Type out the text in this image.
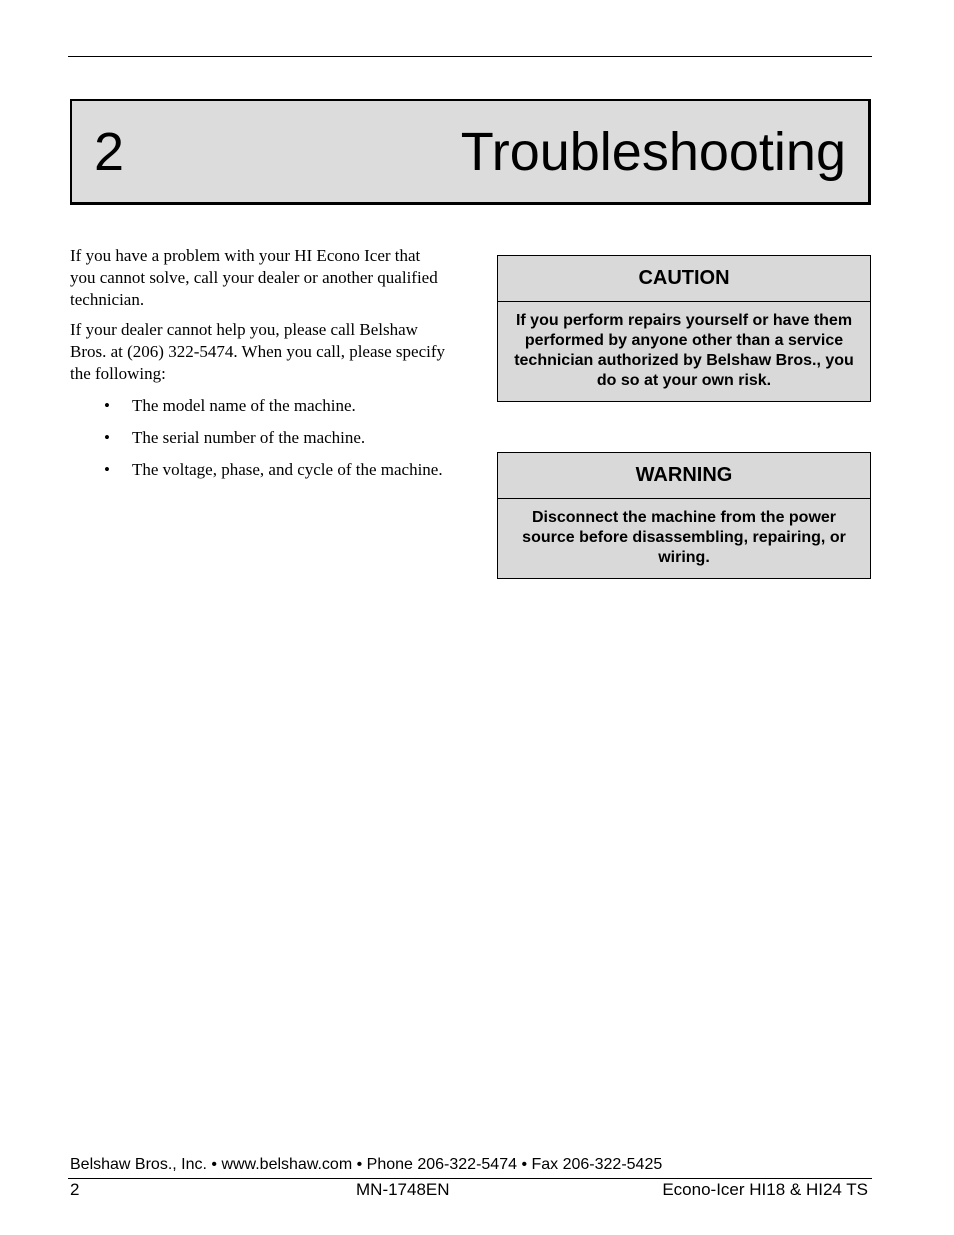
2	Troubleshooting

If you have a problem with your HI Econo Icer that you cannot solve, call your dealer or another qualified technician.

If your dealer cannot help you, please call Belshaw Bros. at (206) 322-5474. When you call, please specify the following:

• The model name of the machine.
• The serial number of the machine.
• The voltage, phase, and cycle of the machine.
CAUTION
If you perform repairs yourself or have them performed by anyone other than a service technician authorized by Belshaw Bros., you do so at your own risk.
WARNING
Disconnect the machine from the power source before disassembling, repairing, or wiring.
Belshaw Bros., Inc. • www.belshaw.com • Phone 206-322-5474 • Fax 206-322-5425
2	MN-1748EN	Econo-Icer HI18 & HI24 TS
